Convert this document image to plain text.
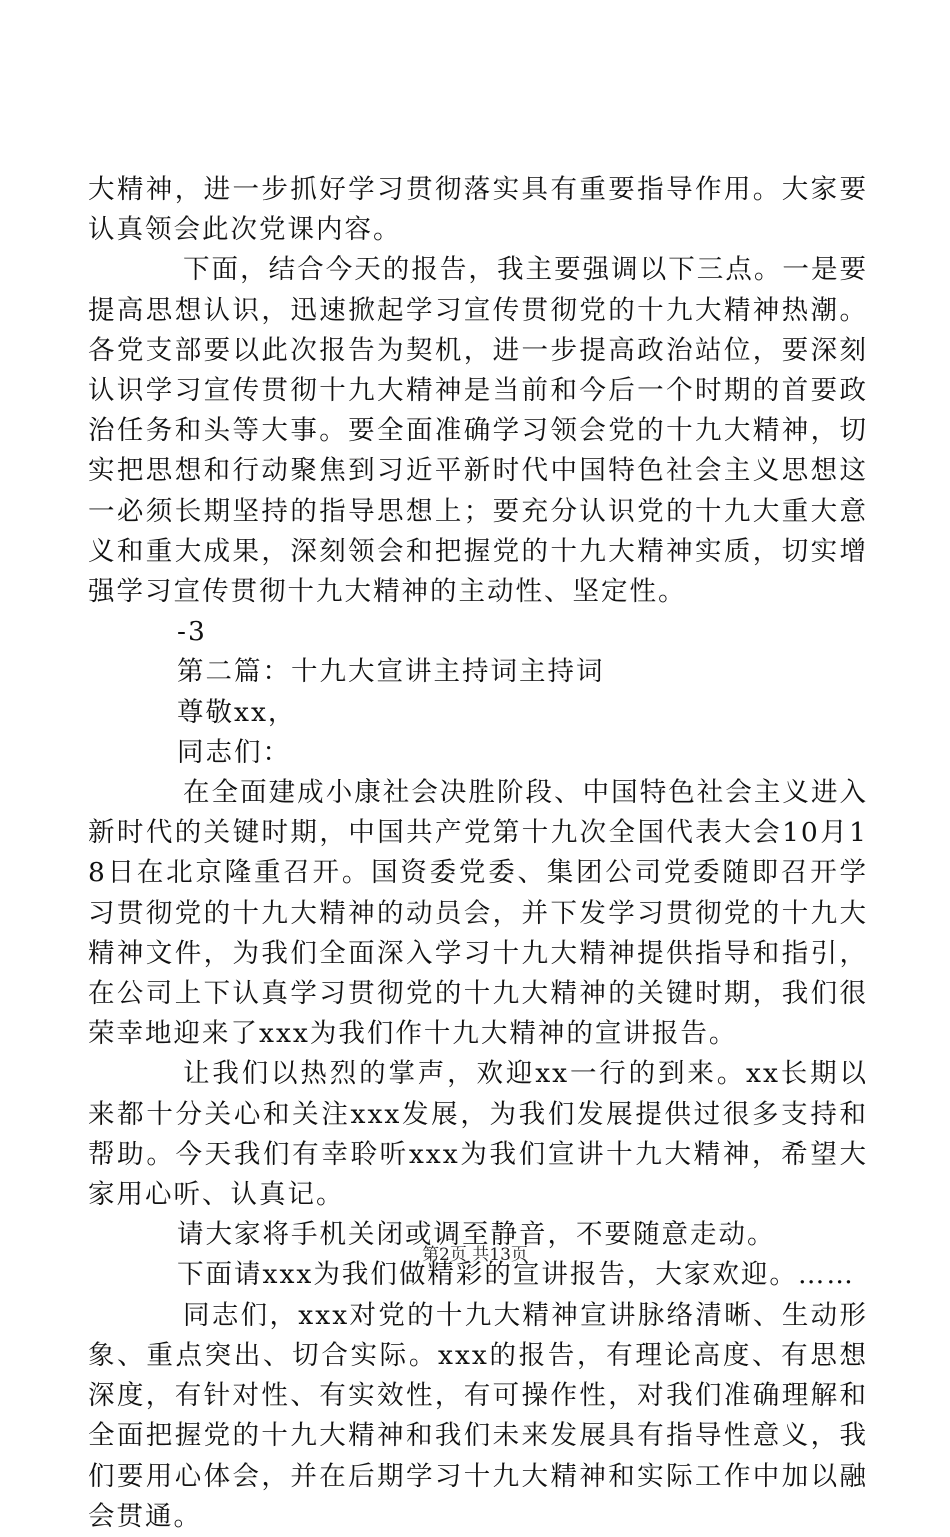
大精神，进一步抓好学习贯彻落实具有重要指导作用。大家要认真领会此次党课内容。

下面，结合今天的报告，我主要强调以下三点。一是要提高思想认识，迅速掀起学习宣传贯彻党的十九大精神热潮。各党支部要以此次报告为契机，进一步提高政治站位，要深刻认识学习宣传贯彻十九大精神是当前和今后一个时期的首要政治任务和头等大事。要全面准确学习领会党的十九大精神，切实把思想和行动聚焦到习近平新时代中国特色社会主义思想这一必须长期坚持的指导思想上；要充分认识党的十九大重大意义和重大成果，深刻领会和把握党的十九大精神实质，切实增强学习宣传贯彻十九大精神的主动性、坚定性。

-3

第二篇：十九大宣讲主持词主持词

尊敬xx，

同志们：

在全面建成小康社会决胜阶段、中国特色社会主义进入新时代的关键时期，中国共产党第十九次全国代表大会10月18日在北京隆重召开。国资委党委、集团公司党委随即召开学习贯彻党的十九大精神的动员会，并下发学习贯彻党的十九大精神文件，为我们全面深入学习十九大精神提供指导和指引，在公司上下认真学习贯彻党的十九大精神的关键时期，我们很荣幸地迎来了xxx为我们作十九大精神的宣讲报告。

让我们以热烈的掌声，欢迎xx一行的到来。xx长期以来都十分关心和关注xxx发展，为我们发展提供过很多支持和帮助。今天我们有幸聆听xxx为我们宣讲十九大精神，希望大家用心听、认真记。

请大家将手机关闭或调至静音，不要随意走动。

下面请xxx为我们做精彩的宣讲报告，大家欢迎。……

同志们，xxx对党的十九大精神宣讲脉络清晰、生动形象、重点突出、切合实际。xxx的报告，有理论高度、有思想深度，有针对性、有实效性，有可操作性，对我们准确理解和全面把握党的十九大精神和我们未来发展具有指导性意义，我们要用心体会，并在后期学习十九大精神和实际工作中加以融会贯通。

第2页 共13页
